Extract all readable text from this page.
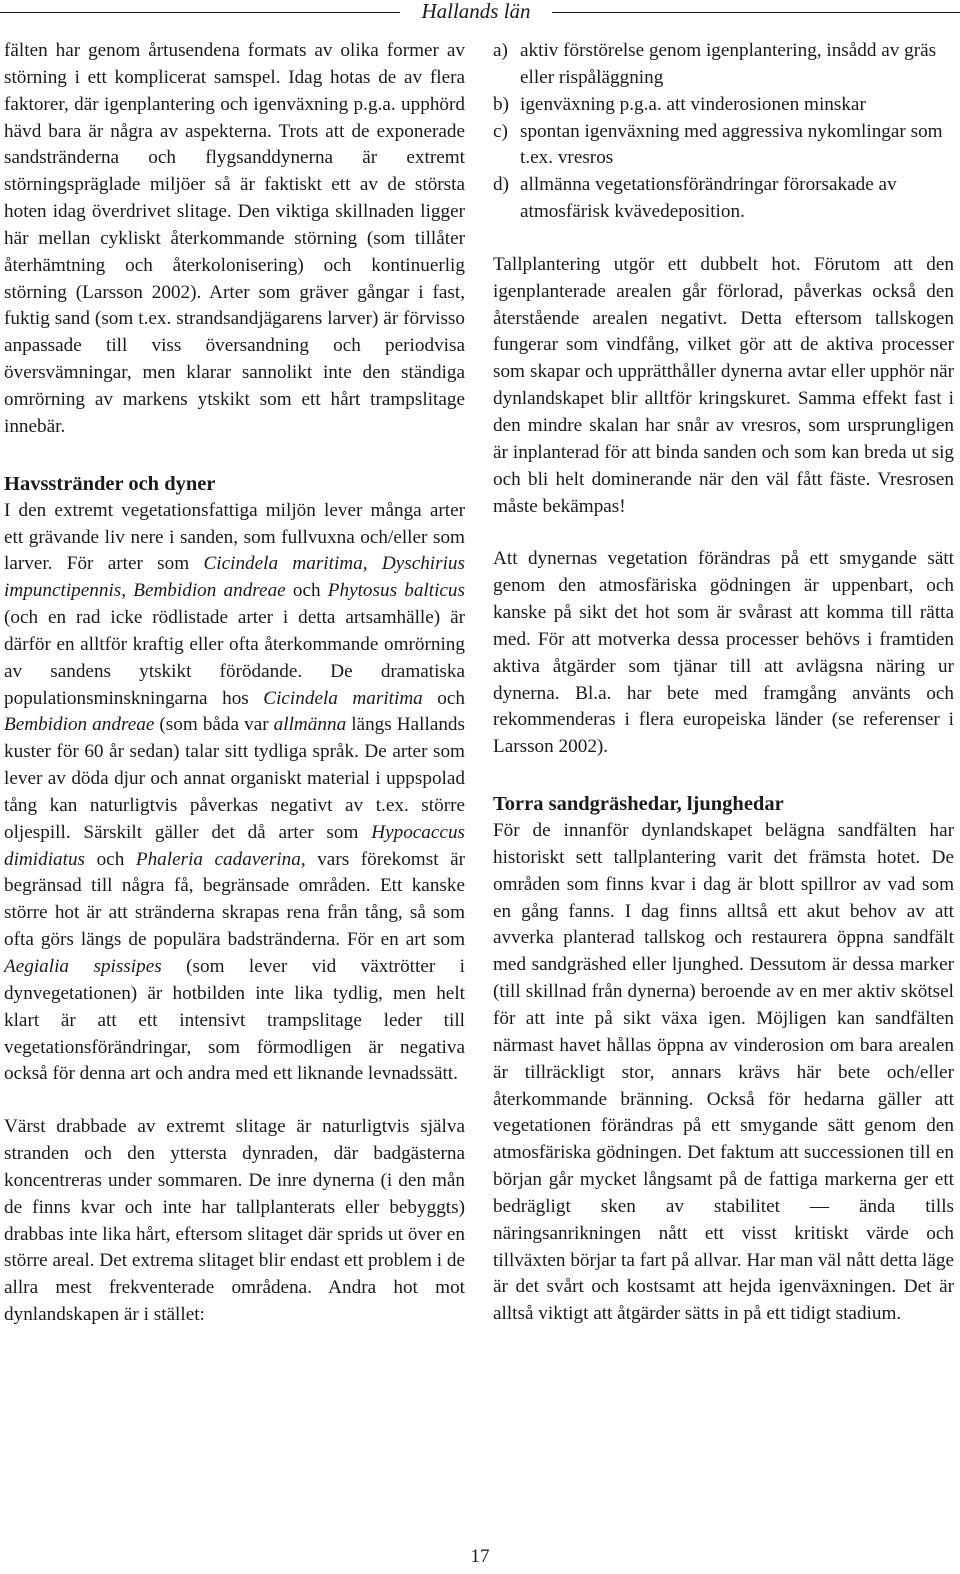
Hallands län

fälten har genom årtusendena formats av olika former av störning i ett komplicerat samspel. Idag hotas de av flera faktorer, där igenplantering och igenväxning p.g.a. upphörd hävd bara är några av aspekterna. Trots att de exponerade sandstränderna och flygsanddynerna är extremt störningspräglade miljöer så är faktiskt ett av de största hoten idag överdrivet slitage. Den viktiga skillnaden ligger här mellan cykliskt återkommande störning (som tillåter återhämtning och återkolonisering) och kontinuerlig störning (Larsson 2002). Arter som gräver gångar i fast, fuktig sand (som t.ex. strandsandjägarens larver) är förvisso anpassade till viss översandning och periodvisa översvämningar, men klarar sannolikt inte den ständiga omrörning av markens ytskikt som ett hårt trampslitage innebär.

Havsstränder och dyner

I den extremt vegetationsfattiga miljön lever många arter ett grävande liv nere i sanden, som fullvuxna och/eller som larver. För arter som Cicindela maritima, Dyschirius impunctipennis, Bembidion andreae och Phytosus balticus (och en rad icke rödlistade arter i detta artsamhälle) är därför en alltför kraftig eller ofta återkommande omrörning av sandens ytskikt förödande. De dramatiska populationsminskningarna hos Cicindela maritima och Bembidion andreae (som båda var allmänna längs Hallands kuster för 60 år sedan) talar sitt tydliga språk. De arter som lever av döda djur och annat organiskt material i uppspolad tång kan naturligtvis påverkas negativt av t.ex. större oljespill. Särskilt gäller det då arter som Hypocaccus dimidiatus och Phaleria cadaverina, vars förekomst är begränsad till några få, begränsade områden. Ett kanske större hot är att stränderna skrapas rena från tång, så som ofta görs längs de populära badstränderna. För en art som Aegialia spissipes (som lever vid växtrötter i dynvegetationen) är hotbilden inte lika tydlig, men helt klart är att ett intensivt trampslitage leder till vegetationsförändringar, som förmodligen är negativa också för denna art och andra med ett liknande levnadssätt.

Värst drabbade av extremt slitage är naturligtvis själva stranden och den yttersta dynraden, där badgästerna koncentreras under sommaren. De inre dynerna (i den mån de finns kvar och inte har tallplanterats eller bebyggts) drabbas inte lika hårt, eftersom slitaget där sprids ut över en större areal. Det extrema slitaget blir endast ett problem i de allra mest frekventerade områdena. Andra hot mot dynlandskapen är i stället:

a) aktiv förstörelse genom igenplantering, insådd av gräs eller rispåläggning
b) igenväxning p.g.a. att vinderosionen minskar
c) spontan igenväxning med aggressiva nykomlingar som t.ex. vresros
d) allmänna vegetationsförändringar förorsakade av atmosfärisk kvävedeposition.

Tallplantering utgör ett dubbelt hot. Förutom att den igenplanterade arealen går förlorad, påverkas också den återstående arealen negativt. Detta eftersom tallskogen fungerar som vindfång, vilket gör att de aktiva processer som skapar och upprätthåller dynerna avtar eller upphör när dynlandskapet blir alltför kringskuret. Samma effekt fast i den mindre skalan har snår av vresros, som ursprungligen är inplanterad för att binda sanden och som kan breda ut sig och bli helt dominerande när den väl fått fäste. Vresrosen måste bekämpas!

Att dynernas vegetation förändras på ett smygande sätt genom den atmosfäriska gödningen är uppenbart, och kanske på sikt det hot som är svårast att komma till rätta med. För att motverka dessa processer behövs i framtiden aktiva åtgärder som tjänar till att avlägsna näring ur dynerna. Bl.a. har bete med framgång använts och rekommenderas i flera europeiska länder (se referenser i Larsson 2002).

Torra sandgräshedar, ljunghedar

För de innanför dynlandskapet belägna sandfälten har historiskt sett tallplantering varit det främsta hotet. De områden som finns kvar i dag är blott spillror av vad som en gång fanns. I dag finns alltså ett akut behov av att avverka planterad tallskog och restaurera öppna sandfält med sandgräshed eller ljunghed. Dessutom är dessa marker (till skillnad från dynerna) beroende av en mer aktiv skötsel för att inte på sikt växa igen. Möjligen kan sandfälten närmast havet hållas öppna av vinderosion om bara arealen är tillräckligt stor, annars krävs här bete och/eller återkommande bränning. Också för hedarna gäller att vegetationen förändras på ett smygande sätt genom den atmosfäriska gödningen. Det faktum att successionen till en början går mycket långsamt på de fattiga markerna ger ett bedrägligt sken av stabilitet — ända tills näringsanrikningen nått ett visst kritiskt värde och tillväxten börjar ta fart på allvar. Har man väl nått detta läge är det svårt och kostsamt att hejda igenväxningen. Det är alltså viktigt att åtgärder sätts in på ett tidigt stadium.

17
